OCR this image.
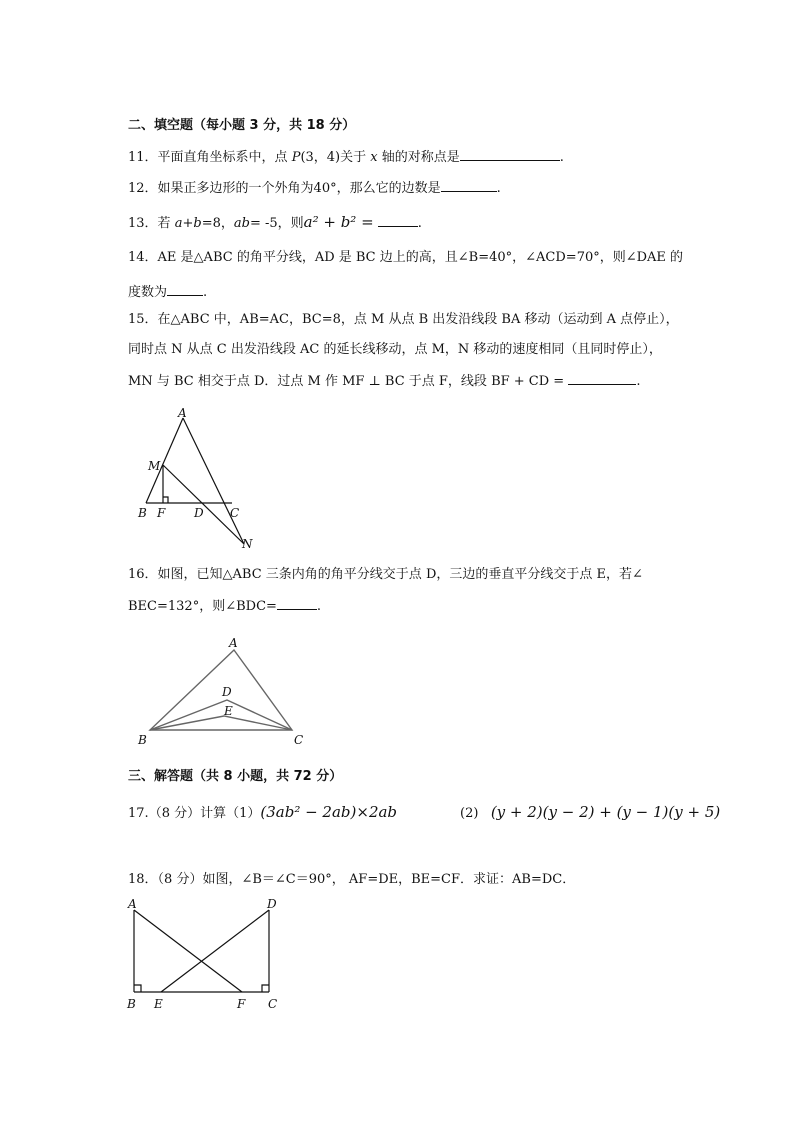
二、填空题（每小题 3 分，共 18 分）
11．平面直角坐标系中，点 P(3，4)关于 x 轴的对称点是	.
12．如果正多边形的一个外角为40°，那么它的边数是	.
13．若 a+b=8，ab= -5，则a² + b² =	.
14．AE 是△ABC 的角平分线，AD 是 BC 边上的高，且∠B=40°，∠ACD=70°，则∠DAE 的
度数为	.
15．在△ABC 中，AB=AC，BC=8，点 M 从点 B 出发沿线段 BA 移动（运动到 A 点停止），
同时点 N 从点 C 出发沿线段 AC 的延长线移动，点 M，N 移动的速度相同（且同时停止），
MN 与 BC 相交于点 D．过点 M 作 MF ⊥ BC 于点 F，线段 BF + CD =	.
A
M
B F D C
N
16．如图，已知△ABC 三条内角的角平分线交于点 D，三边的垂直平分线交于点 E，若∠
BEC=132°，则∠BDC=	.
A
D
E
B	C
三、解答题（共 8 小题，共 72 分）
17.（8 分）计算（1）(3ab² − 2ab)×2ab	(2) (y + 2)(y − 2) + (y − 1)(y + 5)
18．（8 分）如图，∠B＝∠C＝90°， AF=DE，BE=CF．求证：AB=DC．
A	D
B E	F C
